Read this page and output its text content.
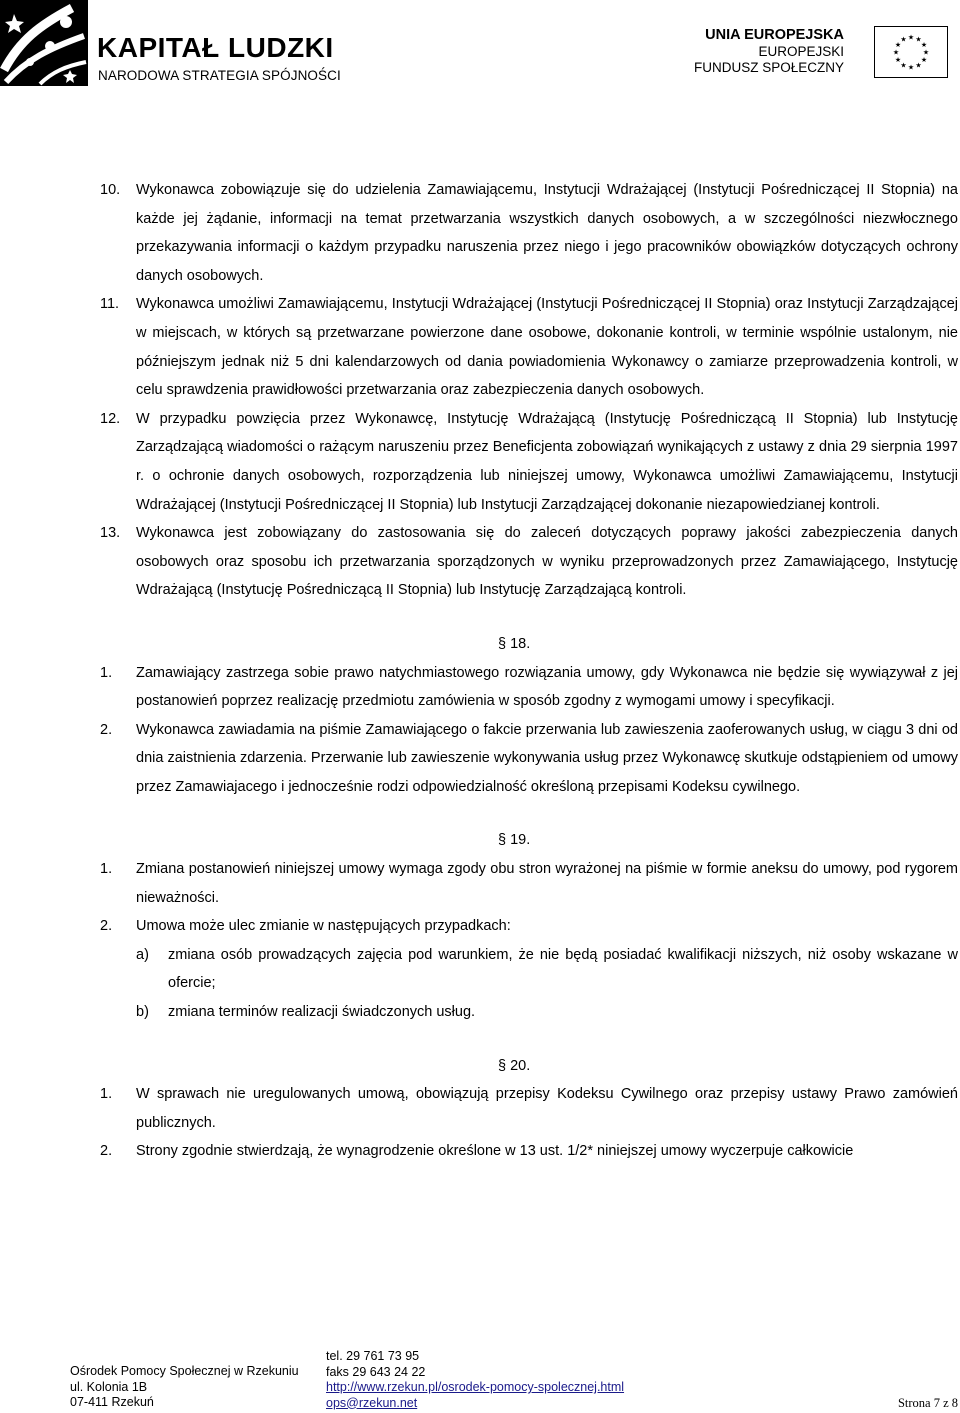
KAPITAŁ LUDZKI
NARODOWA STRATEGIA SPÓJNOŚCI
UNIA EUROPEJSKA
EUROPEJSKI
FUNDUSZ SPOŁECZNY
★ ★
★
★
★
★
★
★
★
★
★
★
10. Wykonawca zobowiązuje się do udzielenia Zamawiającemu, Instytucji Wdrażającej (Instytucji Pośredniczącej II Stopnia) na każde jej żądanie, informacji na temat przetwarzania wszystkich danych osobowych, a w szczególności niezwłocznego przekazywania informacji o każdym przypadku naruszenia przez niego i jego pracowników obowiązków dotyczących ochrony danych osobowych.
11. Wykonawca umożliwi Zamawiającemu, Instytucji Wdrażającej (Instytucji Pośredniczącej II Stopnia) oraz Instytucji Zarządzającej w miejscach, w których są przetwarzane powierzone dane osobowe, dokonanie kontroli, w terminie wspólnie ustalonym, nie późniejszym jednak niż 5 dni kalendarzowych od dania powiadomienia Wykonawcy o zamiarze przeprowadzenia kontroli, w celu sprawdzenia prawidłowości przetwarzania oraz zabezpieczenia danych osobowych.
12. W przypadku powzięcia przez Wykonawcę, Instytucję Wdrażającą (Instytucję Pośredniczącą II Stopnia) lub Instytucję Zarządzającą wiadomości o rażącym naruszeniu przez Beneficjenta zobowiązań wynikających z ustawy z dnia 29 sierpnia 1997 r. o ochronie danych osobowych, rozporządzenia lub niniejszej umowy, Wykonawca umożliwi Zamawiającemu, Instytucji Wdrażającej (Instytucji Pośredniczącej II Stopnia) lub Instytucji Zarządzającej dokonanie niezapowiedzianej kontroli.
13. Wykonawca jest zobowiązany do zastosowania się do zaleceń dotyczących poprawy jakości zabezpieczenia danych osobowych oraz sposobu ich przetwarzania sporządzonych w wyniku przeprowadzonych przez Zamawiającego, Instytucję Wdrażającą (Instytucję Pośredniczącą II Stopnia) lub Instytucję Zarządzającą kontroli.
§ 18.
1. Zamawiający zastrzega sobie prawo natychmiastowego rozwiązania umowy, gdy Wykonawca nie będzie się wywiązywał z jej postanowień poprzez realizację przedmiotu zamówienia w sposób zgodny z wymogami umowy i specyfikacji.
2. Wykonawca zawiadamia na piśmie Zamawiającego o fakcie przerwania lub zawieszenia zaoferowanych usług, w ciągu 3 dni od dnia zaistnienia zdarzenia. Przerwanie lub zawieszenie wykonywania usług przez Wykonawcę skutkuje odstąpieniem od umowy przez Zamawiajacego i jednocześnie rodzi odpowiedzialność określoną przepisami Kodeksu cywilnego.
§ 19.
1. Zmiana postanowień niniejszej umowy wymaga zgody obu stron wyrażonej na piśmie w formie aneksu do umowy, pod rygorem nieważności.
2. Umowa może ulec zmianie w następujących przypadkach:
a) zmiana osób prowadzących zajęcia pod warunkiem, że nie będą posiadać kwalifikacji niższych, niż osoby wskazane w ofercie;
b) zmiana terminów realizacji świadczonych usług.
§ 20.
1. W sprawach nie uregulowanych umową, obowiązują przepisy Kodeksu Cywilnego oraz przepisy ustawy Prawo zamówień publicznych.
2. Strony zgodnie stwierdzają, że wynagrodzenie określone w 13 ust. 1/2* niniejszej umowy wyczerpuje całkowicie
Ośrodek Pomocy Społecznej w Rzekuniu
ul. Kolonia 1B
07-411 Rzekuń
tel. 29 761 73 95
faks 29 643 24 22
http://www.rzekun.pl/osrodek-pomocy-spolecznej.html
ops@rzekun.net	Strona 7 z 8
